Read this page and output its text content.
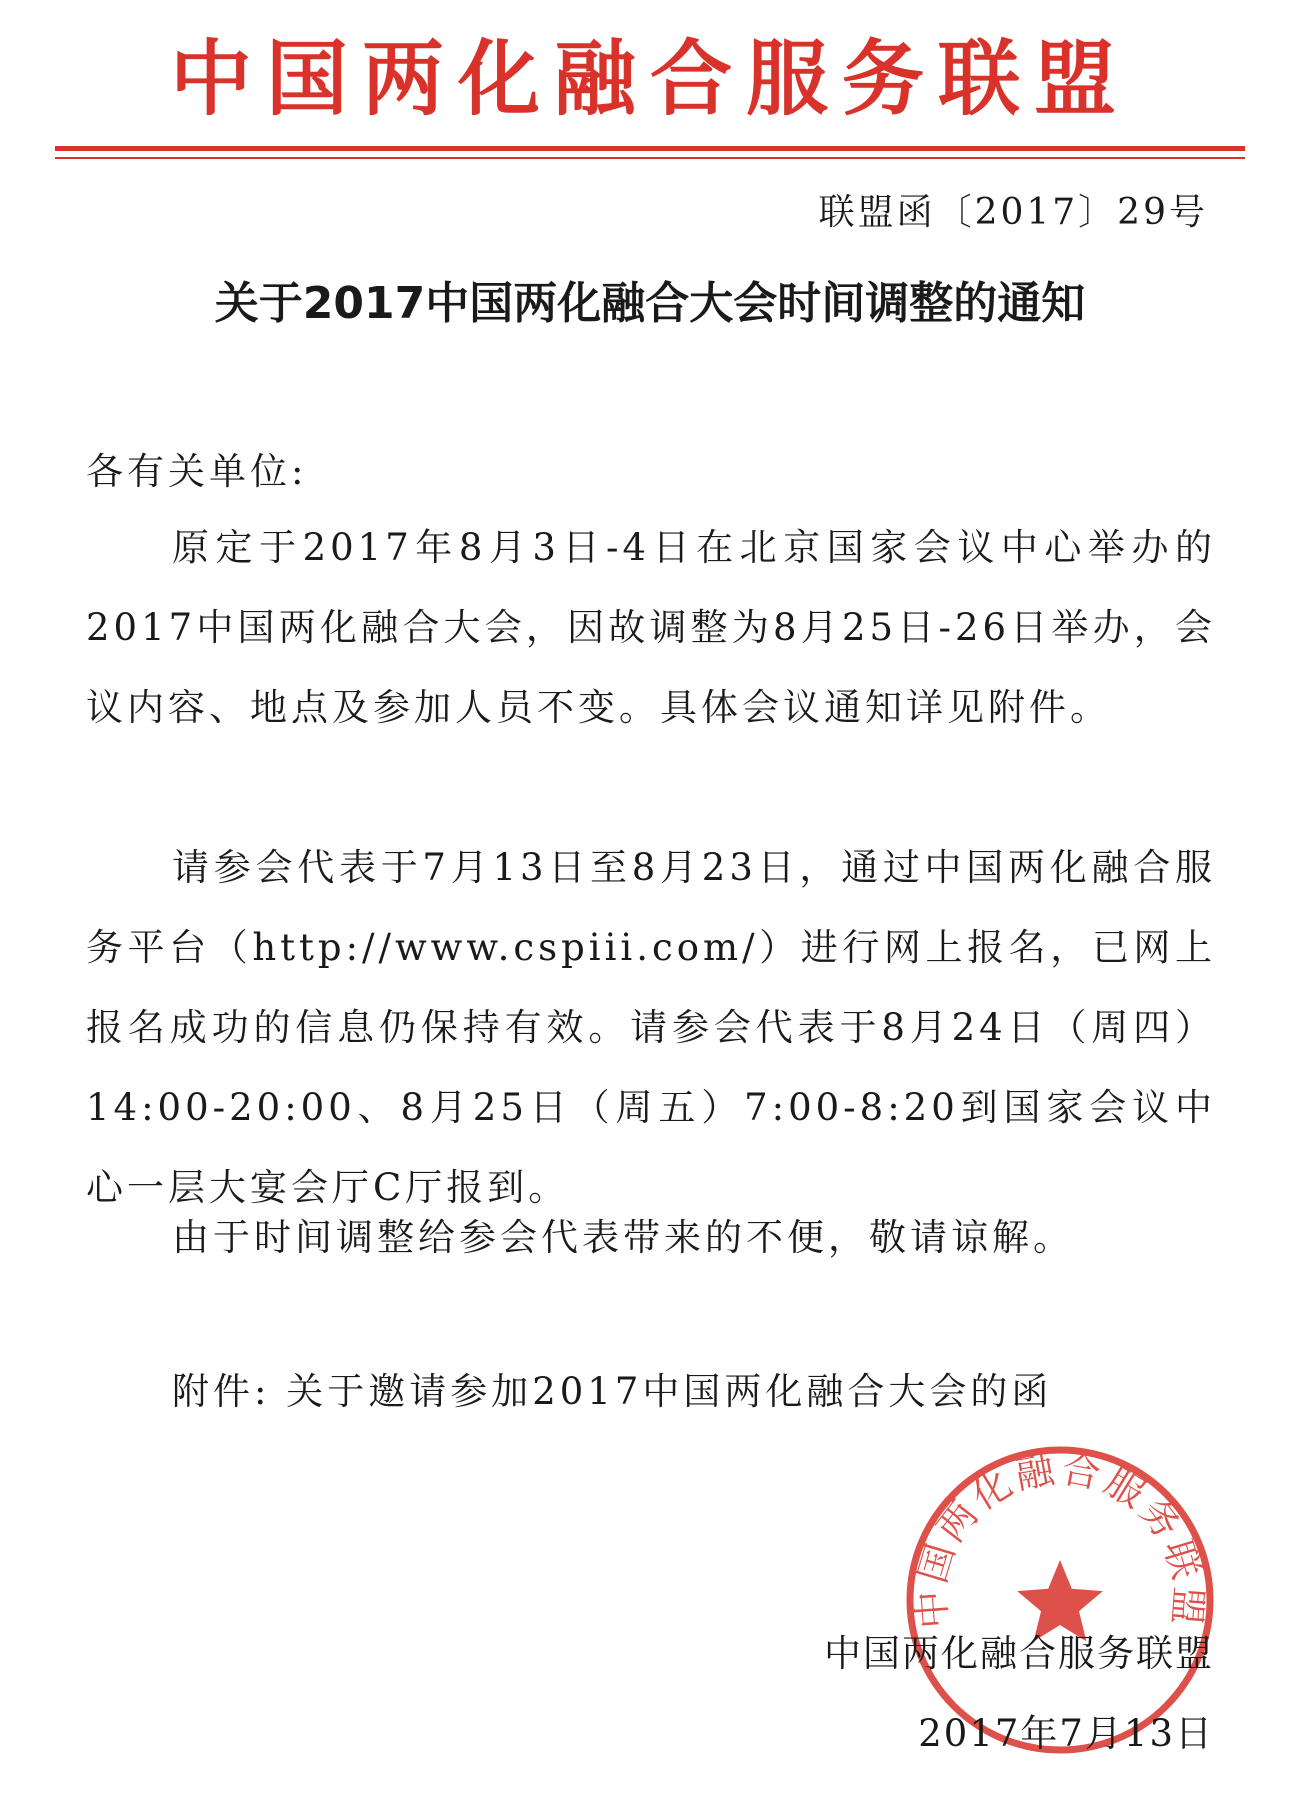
中国两化融合服务联盟
联盟函〔2017〕29号
关于2017中国两化融合大会时间调整的通知
各有关单位:
原定于2017年8月3日-4日在北京国家会议中心举办的2017中国两化融合大会，因故调整为8月25日-26日举办，会议内容、地点及参加人员不变。具体会议通知详见附件。
请参会代表于7月13日至8月23日，通过中国两化融合服务平台（http://www.cspiii.com/）进行网上报名，已网上报名成功的信息仍保持有效。请参会代表于8月24日（周四）14:00-20:00、8月25日（周五）7:00-8:20到国家会议中心一层大宴会厅C厅报到。
由于时间调整给参会代表带来的不便，敬请谅解。
附件: 关于邀请参加2017中国两化融合大会的函
中国两化融合服务联盟
中国两化融合服务联盟
2017年7月13日
